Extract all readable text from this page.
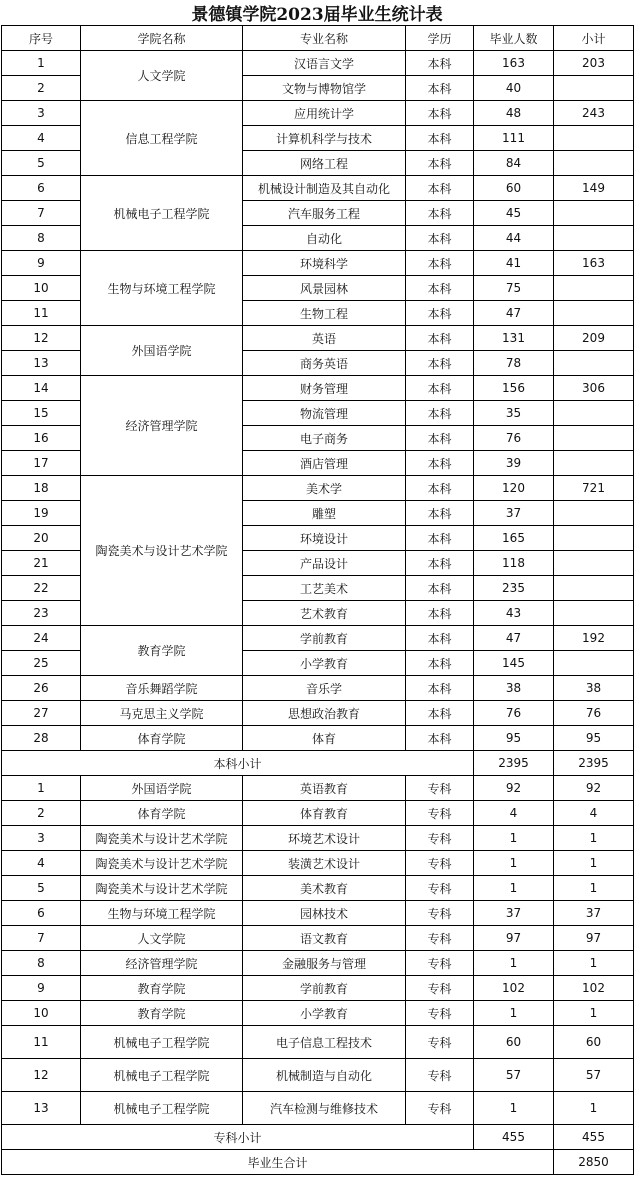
景德镇学院2023届毕业生统计表
序号	学院名称	专业名称	学历	毕业人数	小计
1	人文学院	汉语言文学	本科	163	203
2		文物与博物馆学	本科	40	
3	信息工程学院	应用统计学	本科	48	243
4		计算机科学与技术	本科	111	
5		网络工程	本科	84	
6	机械电子工程学院	机械设计制造及其自动化	本科	60	149
7		汽车服务工程	本科	45	
8		自动化	本科	44	
9	生物与环境工程学院	环境科学	本科	41	163
10		风景园林	本科	75	
11		生物工程	本科	47	
12	外国语学院	英语	本科	131	209
13		商务英语	本科	78	
14	经济管理学院	财务管理	本科	156	306
15		物流管理	本科	35	
16		电子商务	本科	76	
17		酒店管理	本科	39	
18	陶瓷美术与设计艺术学院	美术学	本科	120	721
19		雕塑	本科	37	
20		环境设计	本科	165	
21		产品设计	本科	118	
22		工艺美术	本科	235	
23		艺术教育	本科	43	
24	教育学院	学前教育	本科	47	192
25		小学教育	本科	145	
26	音乐舞蹈学院	音乐学	本科	38	38
27	马克思主义学院	思想政治教育	本科	76	76
28	体育学院	体育	本科	95	95
本科小计				2395	2395
1	外国语学院	英语教育	专科	92	92
2	体育学院	体育教育	专科	4	4
3	陶瓷美术与设计艺术学院	环境艺术设计	专科	1	1
4	陶瓷美术与设计艺术学院	装潢艺术设计	专科	1	1
5	陶瓷美术与设计艺术学院	美术教育	专科	1	1
6	生物与环境工程学院	园林技术	专科	37	37
7	人文学院	语文教育	专科	97	97
8	经济管理学院	金融服务与管理	专科	1	1
9	教育学院	学前教育	专科	102	102
10	教育学院	小学教育	专科	1	1
11	机械电子工程学院	电子信息工程技术	专科	60	60
12	机械电子工程学院	机械制造与自动化	专科	57	57
13	机械电子工程学院	汽车检测与维修技术	专科	1	1
专科小计				455	455
毕业生合计					2850
